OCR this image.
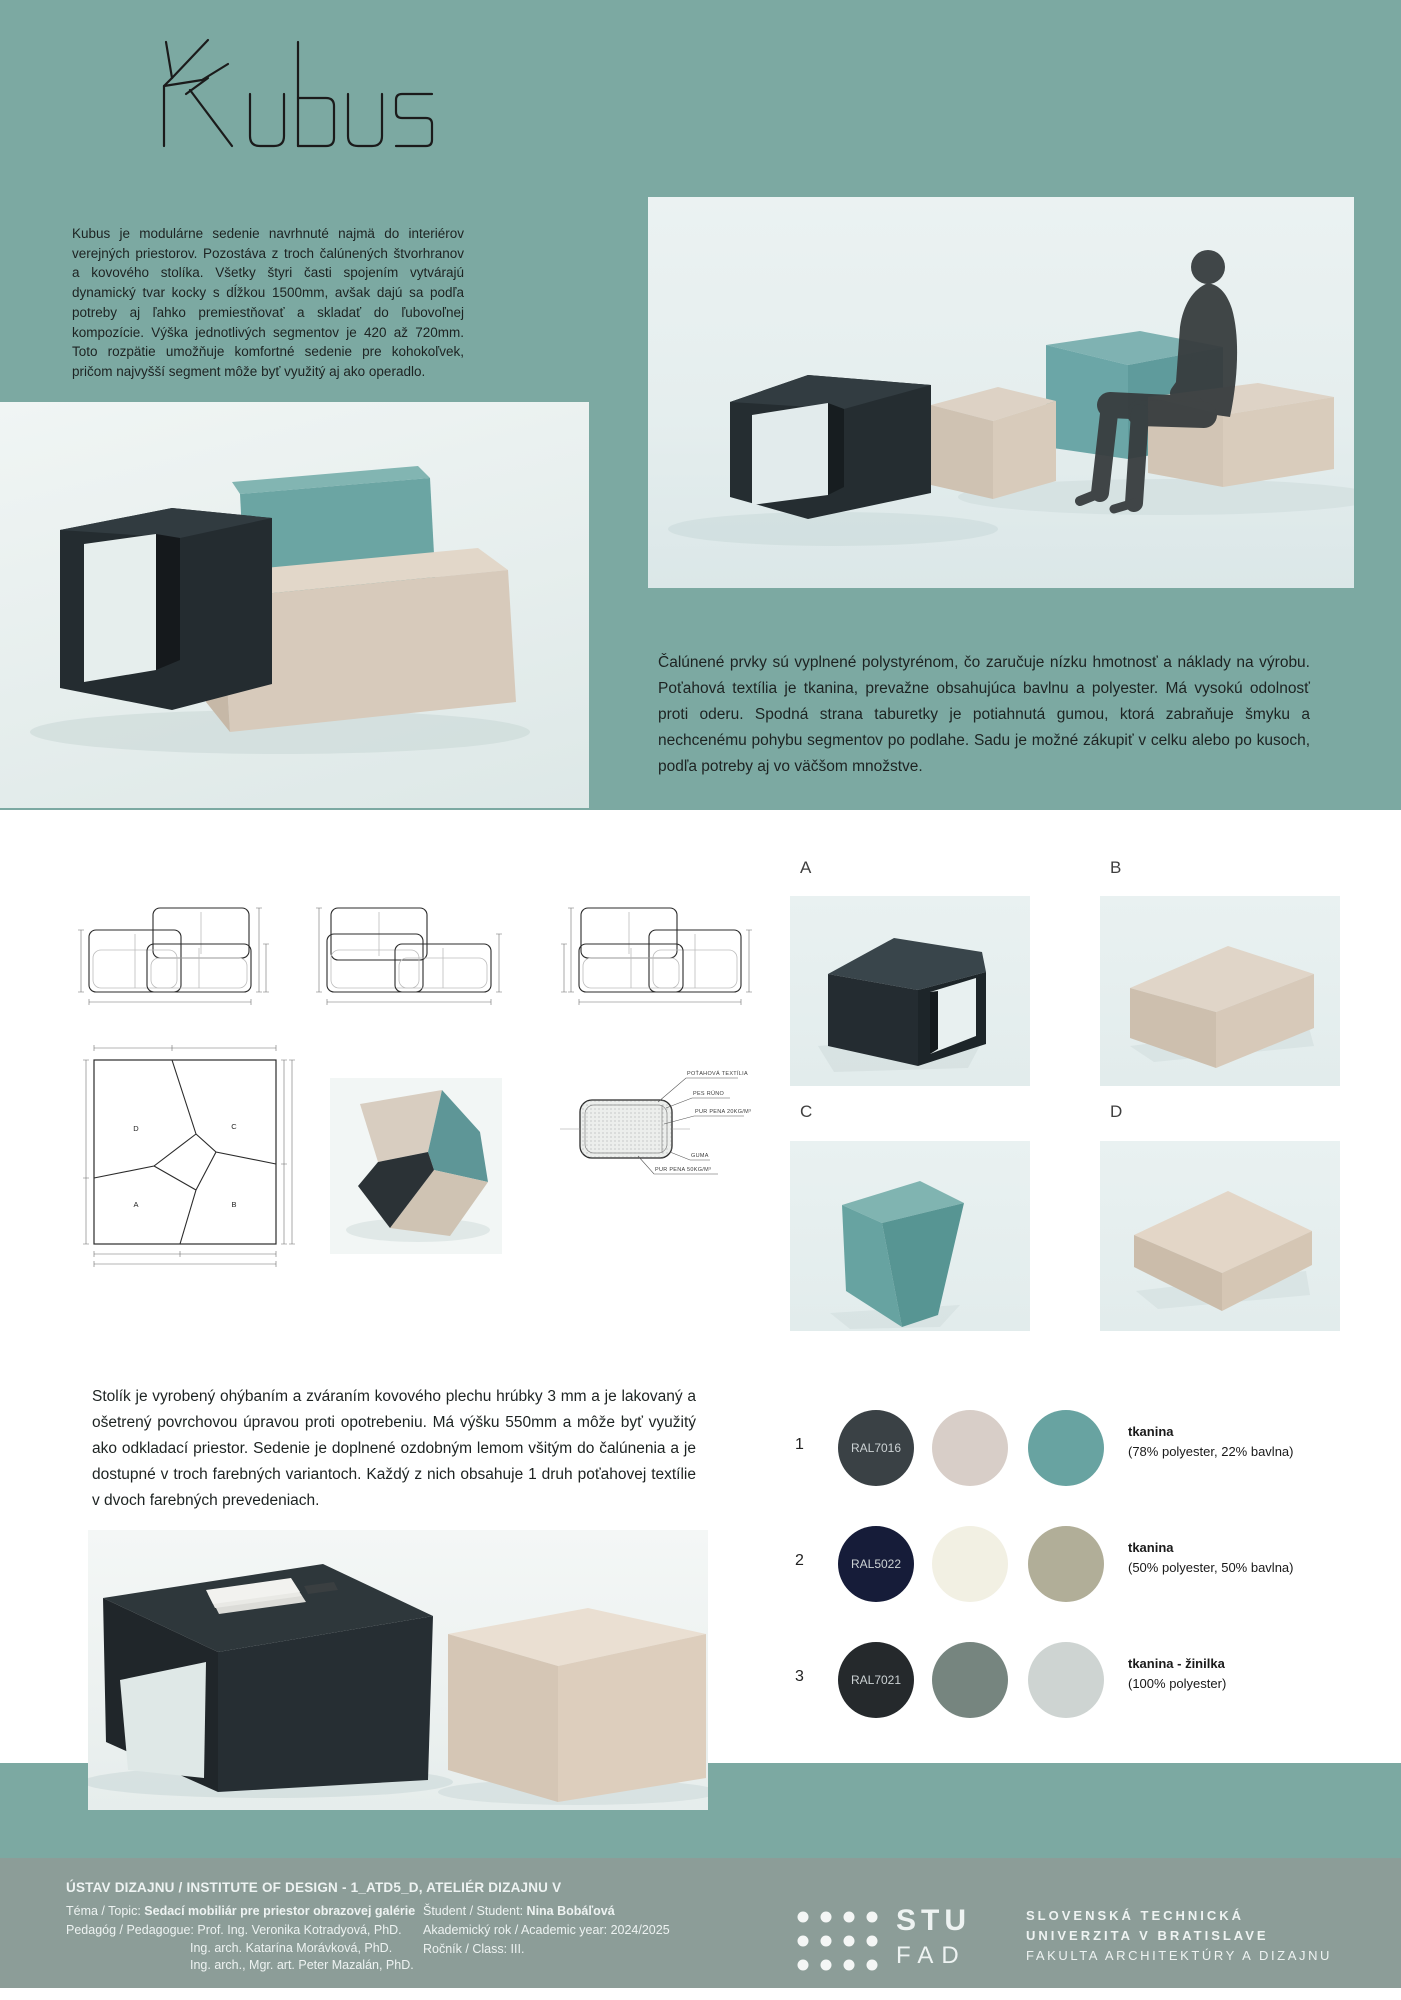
Kubus je modulárne sedenie navrhnuté najmä do interiérov verejných priestorov. Pozostáva z troch čalúnených štvorhranov a kovového stolíka. Všetky štyri časti spojením vytvárajú dynamický tvar kocky s dĺžkou 1500mm, avšak dajú sa podľa potreby aj ľahko premiestňovať a skladať do ľubovoľnej kompozície. Výška jednotlivých segmentov je 420 až 720mm. Toto rozpätie umožňuje komfortné sedenie pre kohokoľvek, pričom najvyšší segment môže byť využitý aj ako operadlo.
Čalúnené prvky sú vyplnené polystyrénom, čo zaručuje nízku hmotnosť a náklady na výrobu. Poťahová textília je tkanina, prevažne obsahujúca bavlnu a polyester. Má vysokú odolnosť proti oderu. Spodná strana taburetky je potiahnutá gumou, ktorá zabraňuje šmyku a nechcenému pohybu segmentov po podlahe. Sadu je možné zákupiť v celku alebo po kusoch, podľa potreby aj vo väčšom množstve.
D	C
A	B
POŤAHOVÁ TEXTÍLIA
PES RÚNO
PUR PENA 20KG/M³
GUMA
PUR PENA 50KG/M³
A	B
C	D
Stolík je vyrobený ohýbaním a zváraním kovového plechu hrúbky 3 mm a je lakovaný a ošetrený povrchovou úpravou proti opotrebeniu. Má výšku 550mm a môže byť využitý ako odkladací priestor. Sedenie je doplnené ozdobným lemom všitým do čalúnenia a je dostupné v troch farebných variantoch. Každý z nich obsahuje 1 druh poťahovej textílie v dvoch farebných prevedeniach.
1	RAL7016
tkanina
(78% polyester, 22% bavlna)
2	RAL5022
tkanina
(50% polyester, 50% bavlna)
3	RAL7021
tkanina - žinilka
(100% polyester)
ÚSTAV DIZAJNU / INSTITUTE OF DESIGN - 1_ATD5_D, ATELIÉR DIZAJNU V
Téma / Topic: Sedací mobiliár pre priestor obrazovej galérie
Pedagóg / Pedagogue: Prof. Ing. Veronika Kotradyová, PhD.
Ing. arch. Katarína Morávková, PhD.
Ing. arch., Mgr. art. Peter Mazalán, PhD.
Študent / Student: Nina Bobáľová
Akademický rok / Academic year: 2024/2025
Ročník / Class: III.
STU
FAD
SLOVENSKÁ TECHNICKÁ
UNIVERZITA V BRATISLAVE
FAKULTA ARCHITEKTÚRY A DIZAJNU
